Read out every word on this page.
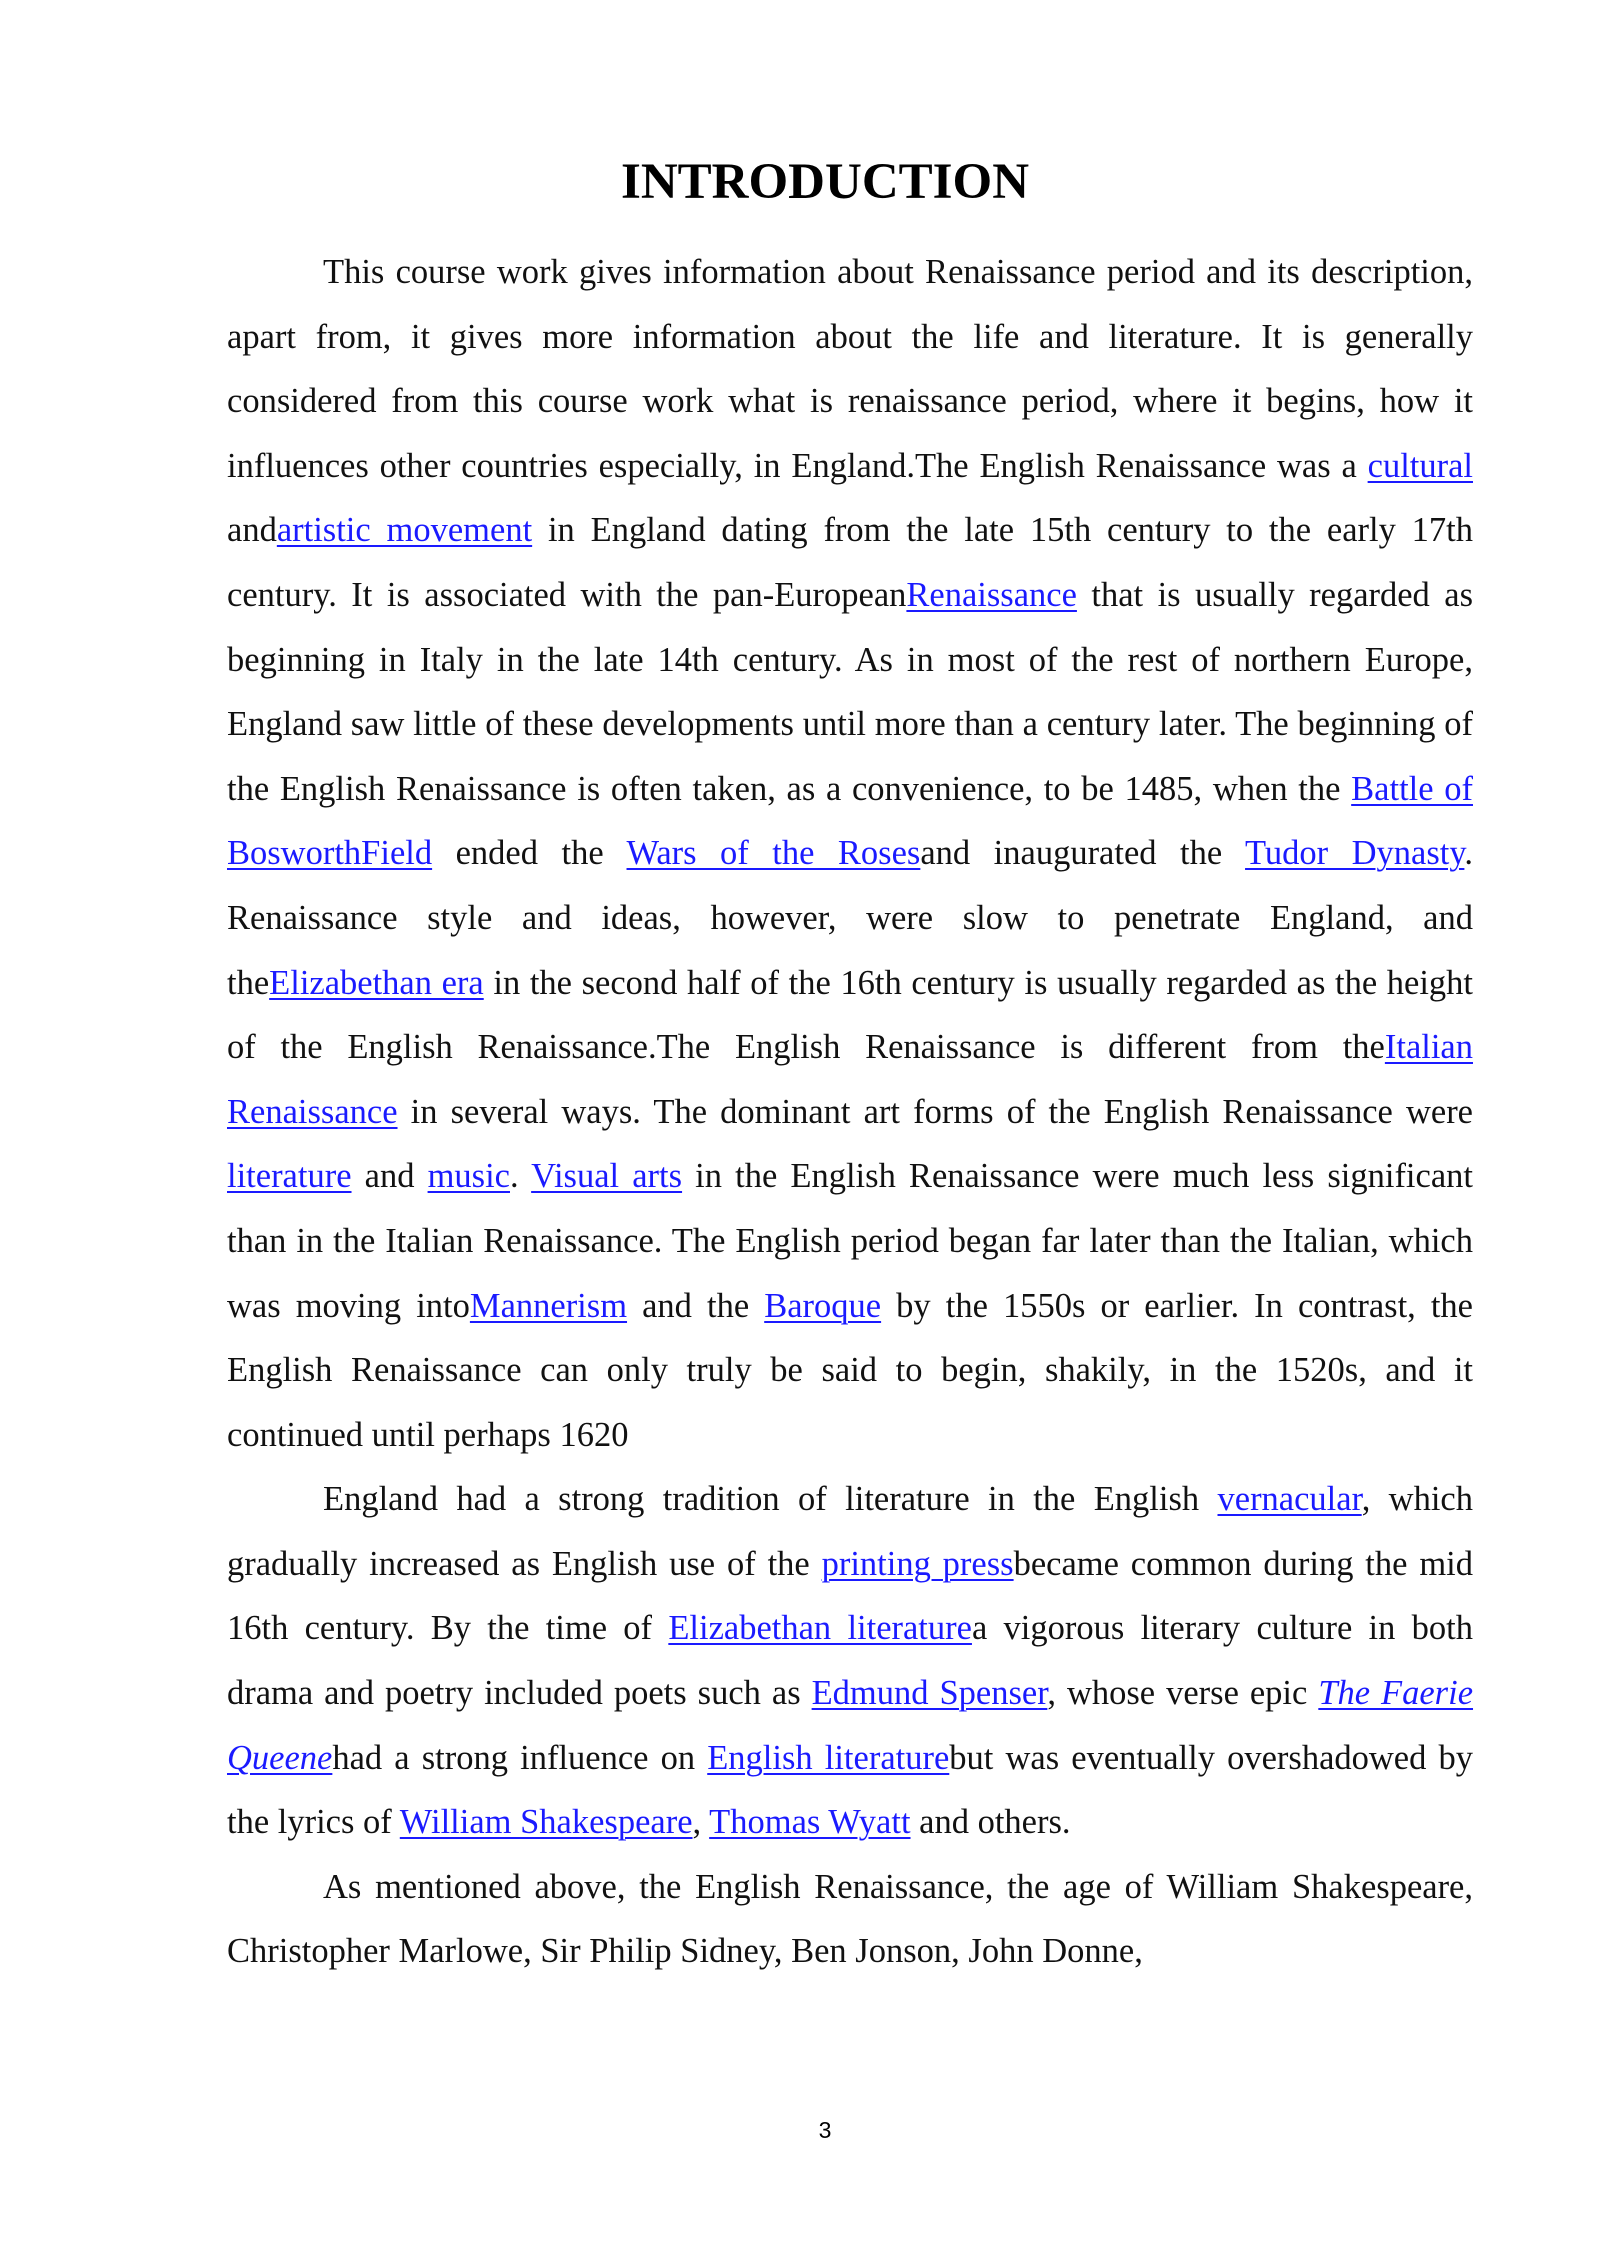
INTRODUCTION

This course work gives information about Renaissance period and its description, apart from, it gives more information about the life and literature. It is generally considered from this course work what is renaissance period, where it begins, how it influences other countries especially, in England.The English Renaissance was a cultural andartistic movement in England dating from the late 15th century to the early 17th century. It is associated with the pan-EuropeanRenaissance that is usually regarded as beginning in Italy in the late 14th century. As in most of the rest of northern Europe, England saw little of these developments until more than a century later. The beginning of the English Renaissance is often taken, as a convenience, to be 1485, when the Battle of BosworthField ended the Wars of the Rosesand inaugurated the Tudor Dynasty. Renaissance style and ideas, however, were slow to penetrate England, and theElizabethan era in the second half of the 16th century is usually regarded as the height of the English Renaissance.The English Renaissance is different from theItalian Renaissance in several ways. The dominant art forms of the English Renaissance were literature and music. Visual arts in the English Renaissance were much less significant than in the Italian Renaissance. The English period began far later than the Italian, which was moving intoMannerism and the Baroque by the 1550s or earlier. In contrast, the English Renaissance can only truly be said to begin, shakily, in the 1520s, and it continued until perhaps 1620

England had a strong tradition of literature in the English vernacular, which gradually increased as English use of the printing pressbecame common during the mid 16th century. By the time of Elizabethan literaturea vigorous literary culture in both drama and poetry included poets such as Edmund Spenser, whose verse epic The Faerie Queenehad a strong influence on English literaturebut was eventually overshadowed by the lyrics of William Shakespeare, Thomas Wyatt and others.

As mentioned above, the English Renaissance, the age of William Shakespeare, Christopher Marlowe, Sir Philip Sidney, Ben Jonson, John Donne,

3
